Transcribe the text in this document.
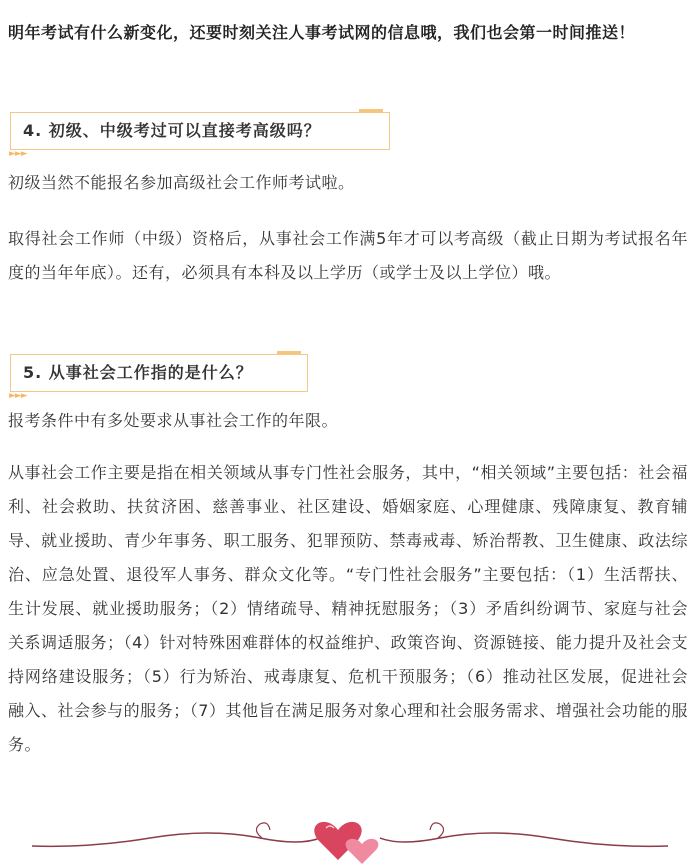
明年考试有什么新变化，还要时刻关注人事考试网的信息哦，我们也会第一时间推送！

4. 初级、中级考过可以直接考高级吗？
►►►

初级当然不能报名参加高级社会工作师考试啦。

取得社会工作师（中级）资格后，从事社会工作满5年才可以考高级（截止日期为考试报名年度的当年年底）。还有，必须具有本科及以上学历（或学士及以上学位）哦。

5. 从事社会工作指的是什么？
►►►

报考条件中有多处要求从事社会工作的年限。

从事社会工作主要是指在相关领域从事专门性社会服务，其中，“相关领域”主要包括：社会福利、社会救助、扶贫济困、慈善事业、社区建设、婚姻家庭、心理健康、残障康复、教育辅导、就业援助、青少年事务、职工服务、犯罪预防、禁毒戒毒、矫治帮教、卫生健康、政法综治、应急处置、退役军人事务、群众文化等。“专门性社会服务”主要包括：（1）生活帮扶、生计发展、就业援助服务；（2）情绪疏导、精神抚慰服务；（3）矛盾纠纷调节、家庭与社会关系调适服务；（4）针对特殊困难群体的权益维护、政策咨询、资源链接、能力提升及社会支持网络建设服务；（5）行为矫治、戒毒康复、危机干预服务；（6）推动社区发展，促进社会融入、社会参与的服务；（7）其他旨在满足服务对象心理和社会服务需求、增强社会功能的服务。
